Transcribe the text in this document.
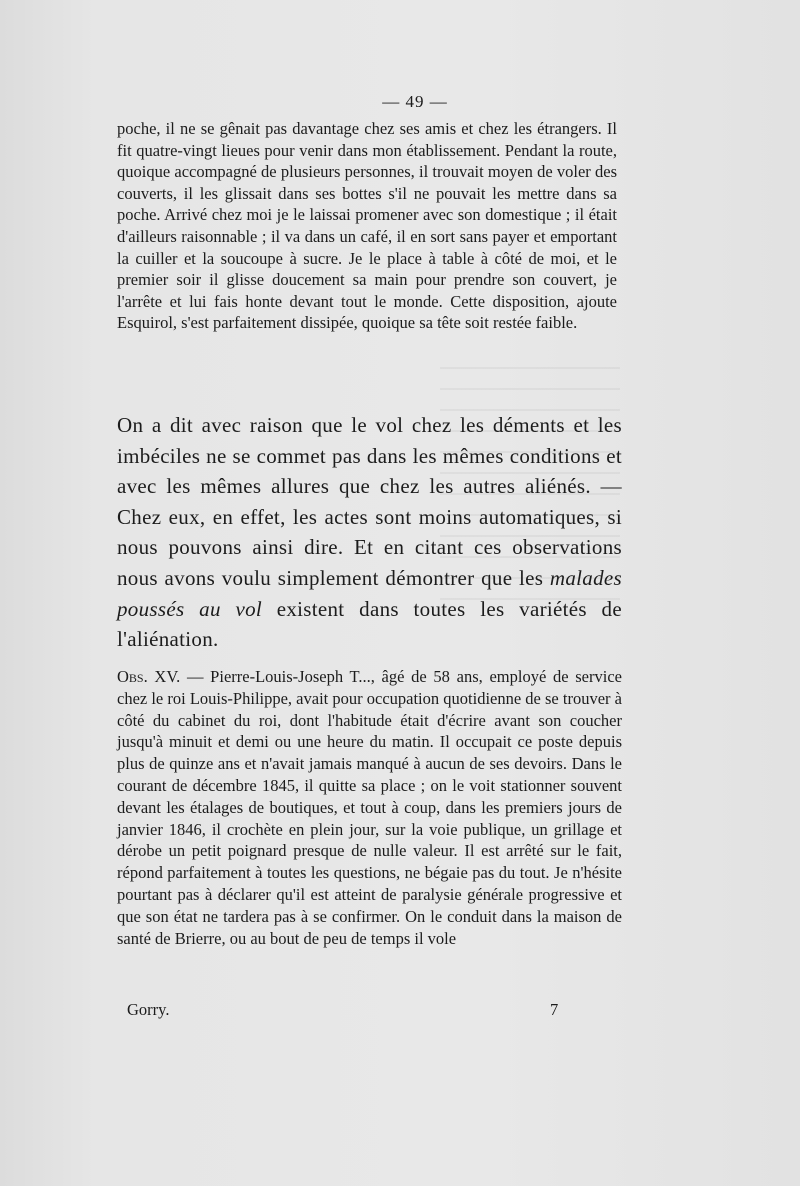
— 49 —

poche, il ne se gênait pas davantage chez ses amis et chez les étrangers. Il fit quatre-vingt lieues pour venir dans mon établissement. Pendant la route, quoique accompagné de plusieurs personnes, il trouvait moyen de voler des couverts, il les glissait dans ses bottes s'il ne pouvait les mettre dans sa poche. Arrivé chez moi je le laissai promener avec son domestique ; il était d'ailleurs raisonnable ; il va dans un café, il en sort sans payer et emportant la cuiller et la soucoupe à sucre. Je le place à table à côté de moi, et le premier soir il glisse doucement sa main pour prendre son couvert, je l'arrête et lui fais honte devant tout le monde. Cette disposition, ajoute Esquirol, s'est parfaitement dissipée, quoique sa tête soit restée faible.

On a dit avec raison que le vol chez les déments et les imbéciles ne se commet pas dans les mêmes conditions et avec les mêmes allures que chez les autres aliénés. — Chez eux, en effet, les actes sont moins automatiques, si nous pouvons ainsi dire. Et en citant ces observations nous avons voulu simplement démontrer que les malades poussés au vol existent dans toutes les variétés de l'aliénation.

Obs. XV. — Pierre-Louis-Joseph T..., âgé de 58 ans, employé de service chez le roi Louis-Philippe, avait pour occupation quotidienne de se trouver à côté du cabinet du roi, dont l'habitude était d'écrire avant son coucher jusqu'à minuit et demi ou une heure du matin. Il occupait ce poste depuis plus de quinze ans et n'avait jamais manqué à aucun de ses devoirs. Dans le courant de décembre 1845, il quitte sa place ; on le voit stationner souvent devant les étalages de boutiques, et tout à coup, dans les premiers jours de janvier 1846, il crochète en plein jour, sur la voie publique, un grillage et dérobe un petit poignard presque de nulle valeur. Il est arrêté sur le fait, répond parfaitement à toutes les questions, ne bégaie pas du tout. Je n'hésite pourtant pas à déclarer qu'il est atteint de paralysie générale progressive et que son état ne tardera pas à se confirmer. On le conduit dans la maison de santé de Brierre, ou au bout de peu de temps il vole

Gorry.	7
